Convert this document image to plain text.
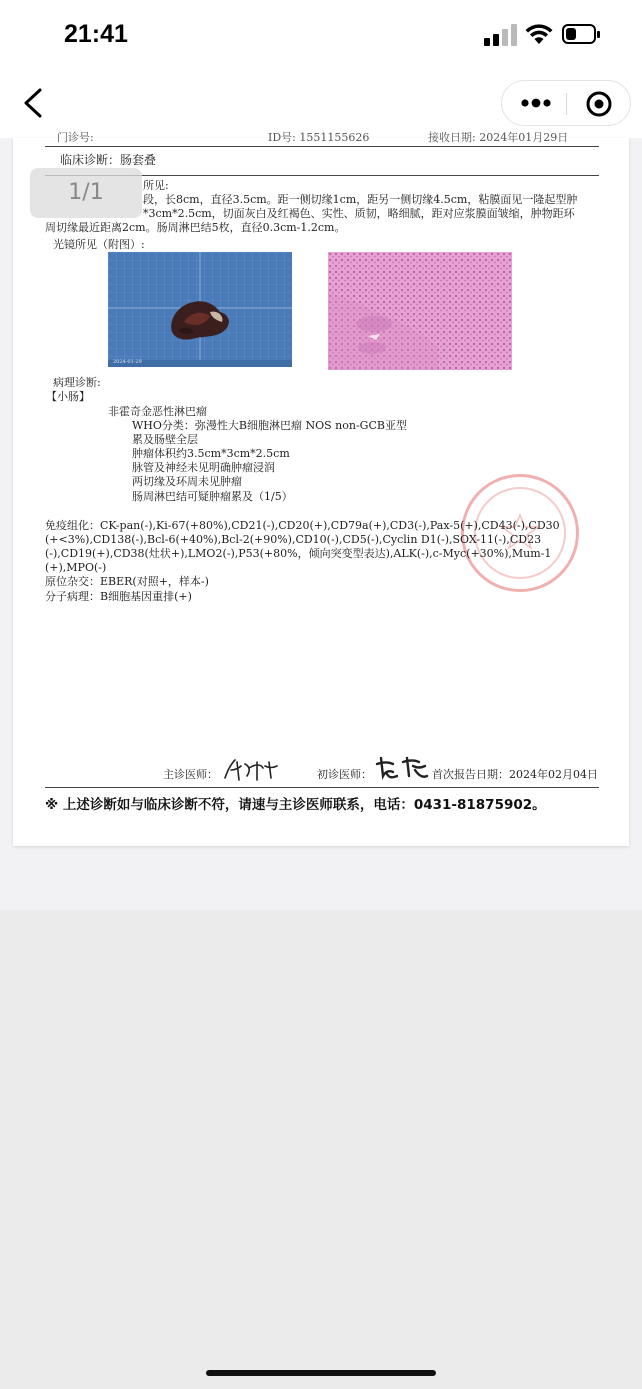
21:41
门诊号:	ID号: 1551155626	接收日期: 2024年01月29日
临床诊断：肠套叠
所见:
段，长8cm，直径3.5cm。距一侧切缘1cm，距另一侧切缘4.5cm，粘膜面见一隆起型肿
*3cm*2.5cm，切面灰白及红褐色、实性、质韧，略细腻，距对应浆膜面皱缩，肿物距环
周切缘最近距离2cm。肠周淋巴结5枚，直径0.3cm-1.2cm。
1/1
光镜所见（附图）:
2024-01-29
病理诊断:
【小肠】
非霍奇金恶性淋巴瘤
WHO分类：弥漫性大B细胞淋巴瘤 NOS non-GCB亚型
累及肠壁全层
肿瘤体积约3.5cm*3cm*2.5cm
脉管及神经未见明确肿瘤浸润
两切缘及环周未见肿瘤
肠周淋巴结可疑肿瘤累及（1/5）
免疫组化：CK-pan(-),Ki-67(+80%),CD21(-),CD20(+),CD79a(+),CD3(-),Pax-5(+),CD43(-),CD30
(+<3%),CD138(-),Bcl-6(+40%),Bcl-2(+90%),CD10(-),CD5(-),Cyclin D1(-),SOX-11(-),CD23
(-),CD19(+),CD38(灶状+),LMO2(-),P53(+80%，倾向突变型表达),ALK(-),c-Myc(+30%),Mum-1
(+),MPO(-)
原位杂交：EBER(对照+，样本-)
分子病理：B细胞基因重排(+)
主诊医师：	初诊医师：	首次报告日期：2024年02月04日
※ 上述诊断如与临床诊断不符，请速与主诊医师联系，电话：0431-81875902。
